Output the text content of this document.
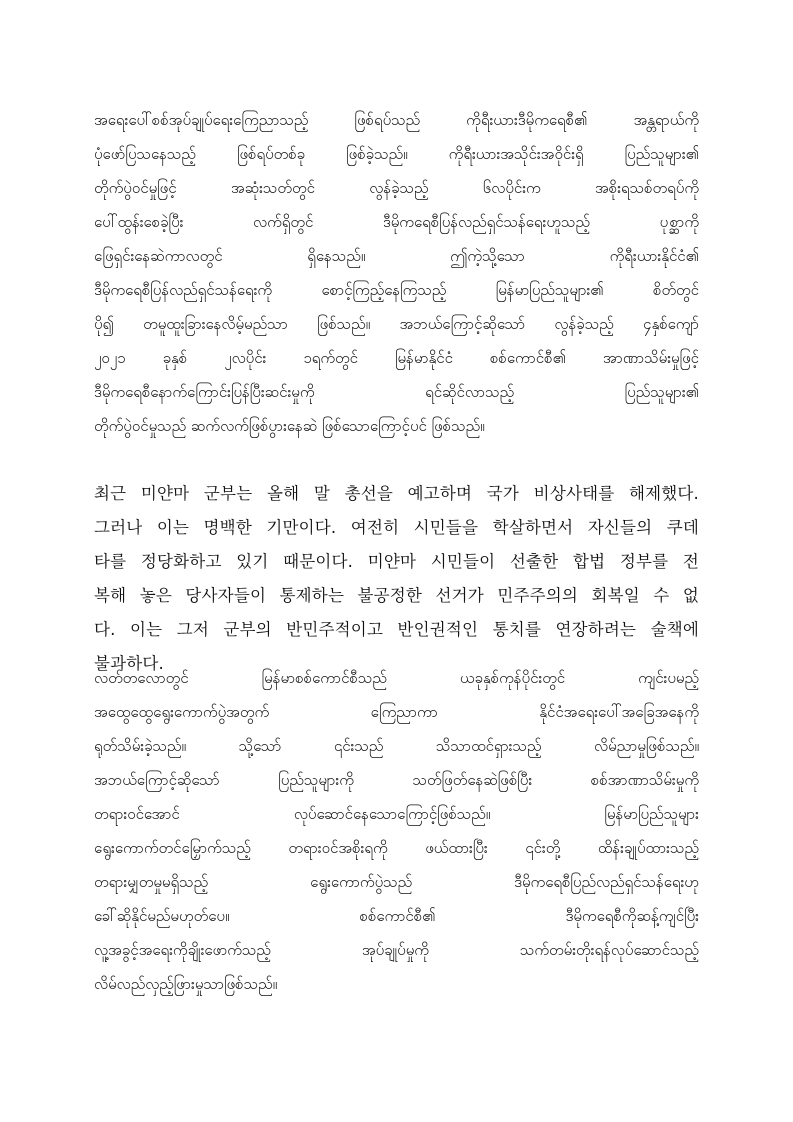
အရေးပေါ်စစ်အုပ်ချုပ်ရေးကြေညာသည့် ဖြစ်ရပ်သည် ကိုရီးယားဒီမိုကရေစီ၏ အန္တရာယ်ကို
ပုံဖော်ပြသနေသည့် ဖြစ်ရပ်တစ်ခု ဖြစ်ခဲ့သည်။ ကိုရီးယားအသိုင်းအဝိုင်းရှိ ပြည်သူများ၏
တိုက်ပွဲဝင်မှုဖြင့် အဆုံးသတ်တွင် လွန်ခဲ့သည့် ၆လပိုင်းက အစိုးရသစ်တရပ်ကို
ပေါ်ထွန်းစေခဲ့ပြီး လက်ရှိတွင် ဒီမိုကရေစီပြန်လည်ရှင်သန်ရေးဟူသည့် ပုစ္ဆာကို
ဖြေရှင်းနေဆဲကာလတွင် ရှိနေသည်။ ဤကဲ့သို့သော ကိုရီးယားနိုင်ငံ၏
ဒီမိုကရေစီပြန်လည်ရှင်သန်ရေးကို စောင့်ကြည့်နေကြသည့် မြန်မာပြည်သူများ၏ စိတ်တွင်
ပို၍ တမူထူးခြားနေလိမ့်မည်သာ ဖြစ်သည်။ အဘယ်ကြောင့်ဆိုသော် လွန်ခဲ့သည့် ၄နှစ်ကျော်
၂၀၂၁ ခုနှစ် ၂လပိုင်း ၁ရက်တွင် မြန်မာနိုင်ငံ စစ်ကောင်စီ၏ အာဏာသိမ်းမှုဖြင့်
ဒီမိုကရေစီနောက်ကြောင်းပြန်ပြီးဆင်းမှုကို ရင်ဆိုင်လာသည့် ပြည်သူများ၏
တိုက်ပွဲဝင်မှုသည် ဆက်လက်ဖြစ်ပွားနေဆဲ ဖြစ်သောကြောင့်ပင် ဖြစ်သည်။
최근 미얀마 군부는 올해 말 총선을 예고하며 국가 비상사태를 해제했다.
그러나 이는 명백한 기만이다. 여전히 시민들을 학살하면서 자신들의 쿠데
타를 정당화하고 있기 때문이다. 미얀마 시민들이 선출한 합법 정부를 전
복해 놓은 당사자들이 통제하는 불공정한 선거가 민주주의의 회복일 수 없
다. 이는 그저 군부의 반민주적이고 반인권적인 통치를 연장하려는 술책에
불과하다.
လတ်တလောတွင် မြန်မာစစ်ကောင်စီသည် ယခုနှစ်ကုန်ပိုင်းတွင် ကျင်းပမည့်
အထွေထွေရွေးကောက်ပွဲအတွက် ကြေညာကာ နိုင်ငံအရေးပေါ်အခြေအနေကို
ရုတ်သိမ်းခဲ့သည်။ သို့သော် ၎င်းသည် သိသာထင်ရှားသည့် လိမ်ညာမှုဖြစ်သည်။
အဘယ်ကြောင့်ဆိုသော် ပြည်သူများကို သတ်ဖြတ်နေဆဲဖြစ်ပြီး စစ်အာဏာသိမ်းမှုကို
တရားဝင်အောင် လုပ်ဆောင်နေသောကြောင့်ဖြစ်သည်။ မြန်မာပြည်သူများ
ရွေးကောက်တင်မြှောက်သည့် တရားဝင်အစိုးရကို ဖယ်ထားပြီး ၎င်းတို့ ထိန်းချုပ်ထားသည့်
တရားမျှတမှုမရှိသည့် ရွေးကောက်ပွဲသည် ဒီမိုကရေစီပြည်လည်ရှင်သန်ရေးဟု
ခေါ်ဆိုနိုင်မည်မဟုတ်ပေ။ စစ်ကောင်စီ၏ ဒီမိုကရေစီကိုဆန့်ကျင်ပြီး
လူ့အခွင့်အရေးကိုချိုးဖောက်သည့် အုပ်ချုပ်မှုကို သက်တမ်းတိုးရန်လုပ်ဆောင်သည့်
လိမ်လည်လှည့်ဖြားမှုသာဖြစ်သည်။
